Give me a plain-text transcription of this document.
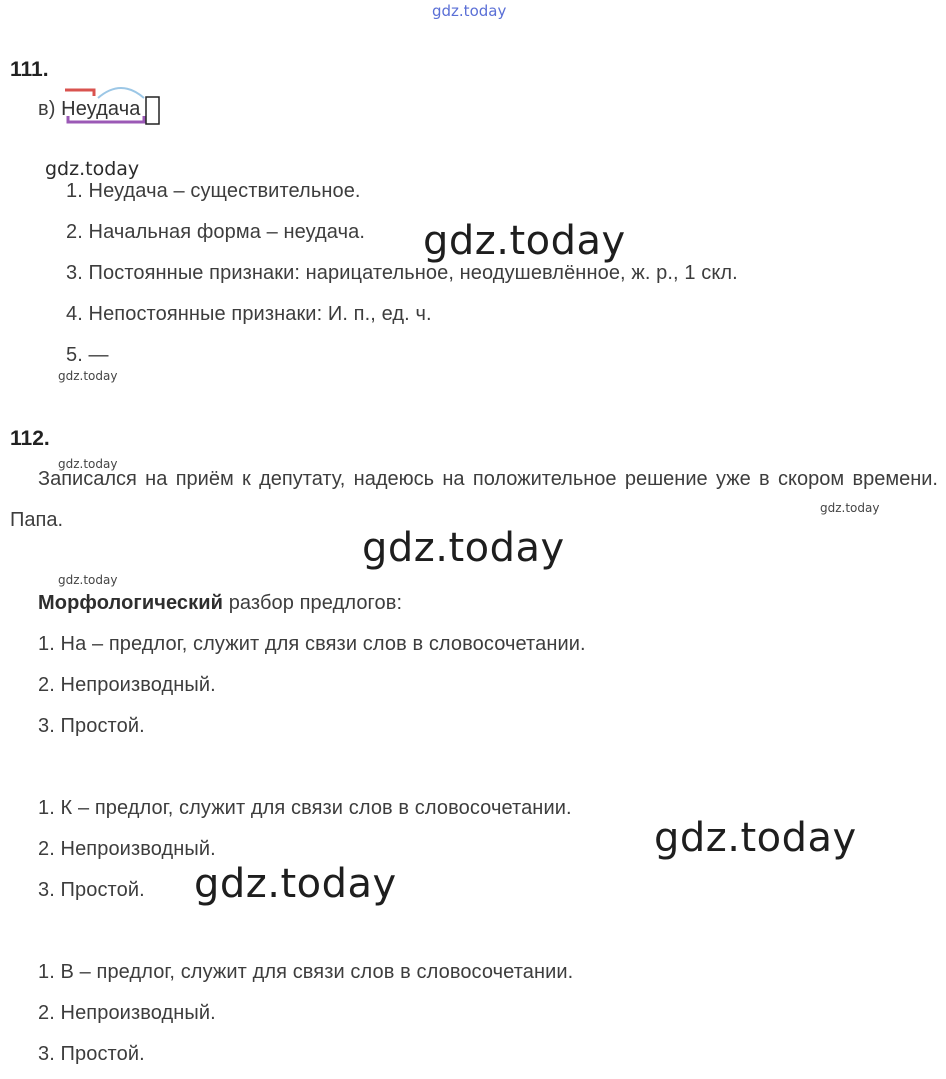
gdz.today
111.
в) Неудача
gdz.today
1. Неудача – существительное.
2. Начальная форма – неудача. gdz.today
3. Постоянные признаки: нарицательное, неодушевлённое, ж. р., 1 скл.
4. Непостоянные признаки: И. п., ед. ч.
5. —
gdz.today
112.
gdz.today
Записался на приём к депутату, надеюсь на положительное решение уже в скором времени. Папа.
gdz.today
gdz.today
gdz.today
Морфологический разбор предлогов:
1. На – предлог, служит для связи слов в словосочетании.
2. Непроизводный.
3. Простой.
1. К – предлог, служит для связи слов в словосочетании.
gdz.today
2. Непроизводный.
3. Простой. gdz.today
1. В – предлог, служит для связи слов в словосочетании.
2. Непроизводный.
3. Простой.
